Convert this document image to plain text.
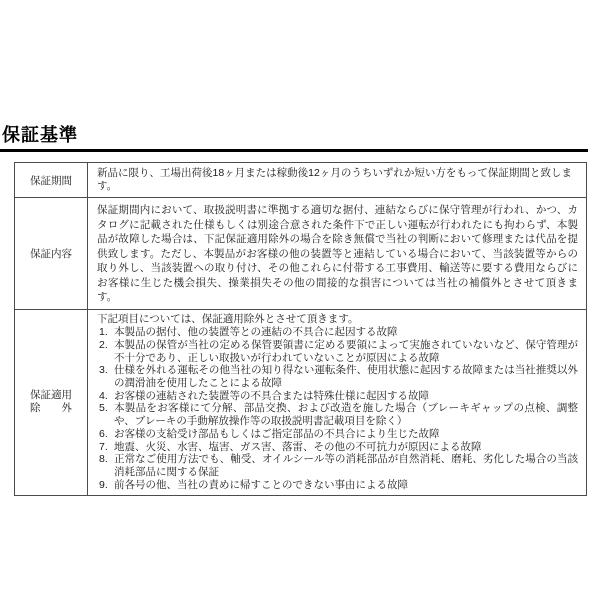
保証基準
保証期間
新品に限り、工場出荷後18ヶ月または稼動後12ヶ月のうちいずれか短い方をもって保証期間と致します。
保証内容
保証期間内において、取扱説明書に準拠する適切な据付、連結ならびに保守管理が行われ、かつ、カタログに記載された仕様もしくは別途合意された条件下で正しい運転が行われたにも拘わらず、本製品が故障した場合は、下記保証適用除外の場合を除き無償で当社の判断において修理または代品を提供致します。ただし、本製品がお客様の他の装置等と連結している場合において、当該装置等からの取り外し、当該装置への取り付け、その他これらに付帯する工事費用、輸送等に要する費用ならびにお客様に生じた機会損失、操業損失その他の間接的な損害については当社の補償外とさせて頂きます。
保証適用
除外
下記項目については、保証適用除外とさせて頂きます。
1. 本製品の据付、他の装置等との連結の不具合に起因する故障
2. 本製品の保管が当社の定める保管要領書に定める要領によって実施されていないなど、保守管理が不十分であり、正しい取扱いが行われていないことが原因による故障
3. 仕様を外れる運転その他当社の知り得ない運転条件、使用状態に起因する故障または当社推奨以外の潤滑油を使用したことによる故障
4. お客様の連結された装置等の不具合または特殊仕様に起因する故障
5. 本製品をお客様にて分解、部品交換、および改造を施した場合（ブレーキギャップの点検、調整や、ブレーキの手動解放操作等の取扱説明書記載項目を除く）
6. お客様の支給受け部品もしくはご指定部品の不具合により生じた故障
7. 地震、火災、水害、塩害、ガス害、落雷、その他の不可抗力が原因による故障
8. 正常なご使用方法でも、軸受、オイルシール等の消耗部品が自然消耗、磨耗、劣化した場合の当該消耗部品に関する保証
9. 前各号の他、当社の責めに帰すことのできない事由による故障
